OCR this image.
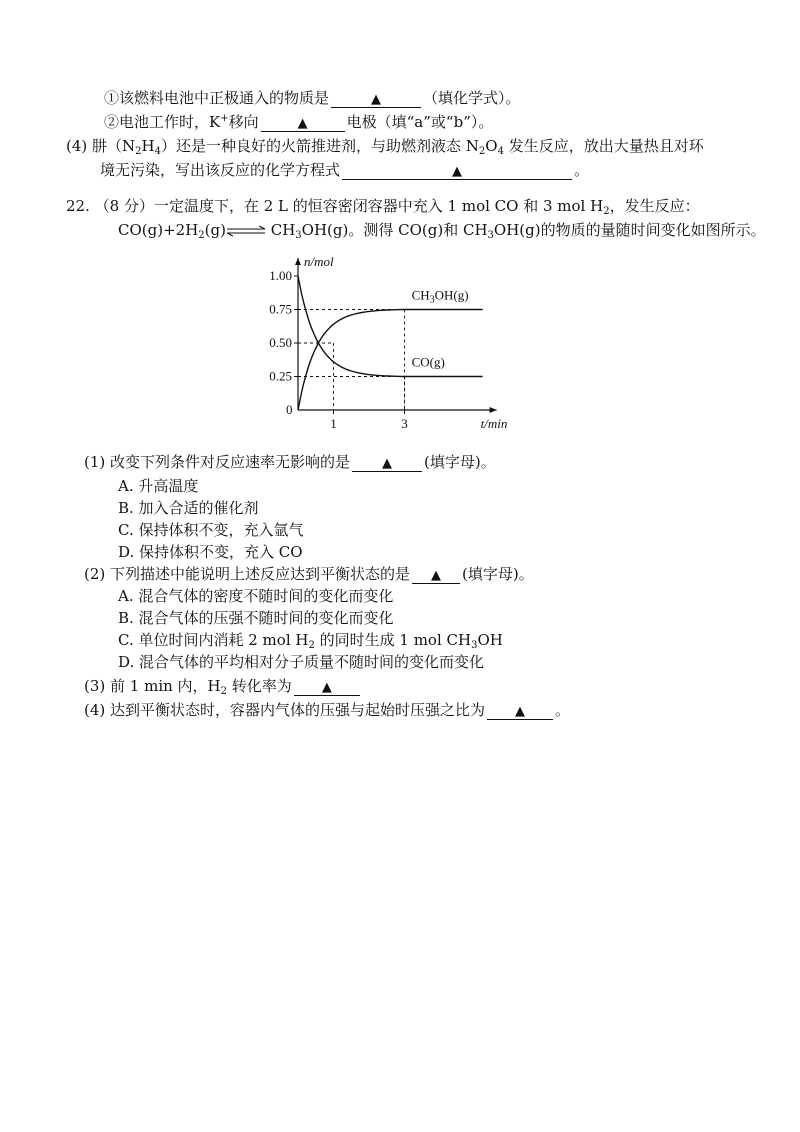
①该燃料电池中正极通入的物质是	▲	（填化学式）。
②电池工作时，K+移向	▲	电极（填“a”或“b”）。
(4) 肼$(N_2H_4)$还是一种良好的火箭推进剂，与助燃剂液态 $N_2O_4$ 发生反应，放出大量热且对环
境无污染，写出该反应的化学方程式	▲	。
22. （8 分）一定温度下，在 2 L 的恒容密闭容器中充入 1 mol CO 和 3 mol $H_2$，发生反应：
$CO(g)+2H_2(g)\rightleftharpoons$ $CH_3OH(g)$。测得 CO(g)和 $CH_3OH(g)$的物质的量随时间变化如图所示。
n/mol
t/min
0
1.00
0.75
0.50
0.25
1	3
$CH_3OH(g)$
CO(g)
(1) 改变下列条件对反应速率无影响的是 ▲ (填字母)。
A. 升高温度
B. 加入合适的催化剂
C. 保持体积不变，充入氩气
D. 保持体积不变，充入 CO
(2) 下列描述中能说明上述反应达到平衡状态的是 ▲ (填字母)。
A. 混合气体的密度不随时间的变化而变化
B. 混合气体的压强不随时间的变化而变化
C. 单位时间内消耗 2 mol $H_2$ 的同时生成 1 mol $CH_3OH$
D. 混合气体的平均相对分子质量不随时间的变化而变化
(3) 前 1 min 内，$H_2$ 转化率为 ▲
(4) 达到平衡状态时，容器内气体的压强与起始时压强之比为 ▲ 。
